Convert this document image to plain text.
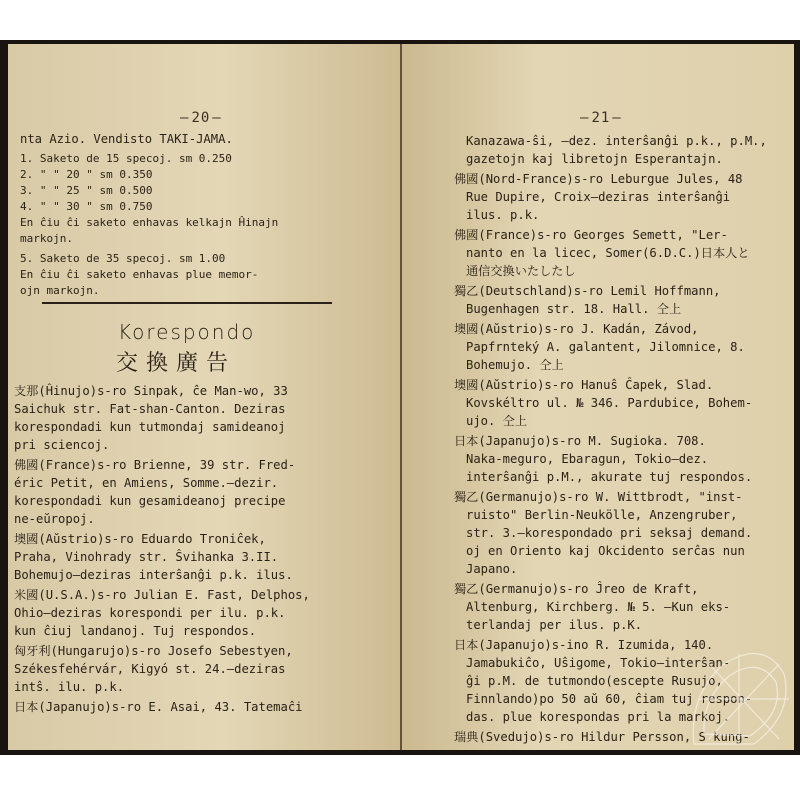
— 20 —
nta Azio. Vendisto TAKI-JAMA.
1. Saketo de 15 specoj. sm 0.250
2. " " 20 " sm 0.350
3. " " 25 " sm 0.500
4. " " 30 " sm 0.750
En ĉiu ĉi saketo enhavas kelkajn Ĥinajn
markojn.
5. Saketo de 35 specoj. sm 1.00
En ĉiu ĉi saketo enhavas plue memor-
ojn markojn.
Korespondo
交換廣告
支那(Ĥinujo)s-ro Sinpak, ĉe Man-wo, 33
Saichuk str. Fat-shan-Canton. Deziras
korespondadi kun tutmondaj samideanoj
pri sciencoj.
佛國(France)s-ro Brienne, 39 str. Fred-
éric Petit, en Amiens, Somme.—dezir.
korespondadi kun gesamideanoj precipe
ne-eŭropoj.
墺國(Aŭstrio)s-ro Eduardo Troniĉek,
Praha, Vinohrady str. Ŝvihanka 3.II.
Bohemujo—deziras interŝanĝi p.k. ilus.
米國(U.S.A.)s-ro Julian E. Fast, Delphos,
Ohio—deziras korespondi per ilu. p.k.
kun ĉiuj landanoj. Tuj respondos.
匈牙利(Hungarujo)s-ro Josefo Sebestyen,
Székesfehérvár, Kigyó st. 24.—deziras
intŝ. ilu. p.k.
日本(Japanujo)s-ro E. Asai, 43. Tatemaĉi
— 21 —
Kanazawa-ŝi, —dez. interŝanĝi p.k., p.M.,
gazetojn kaj libretojn Esperantajn.
佛國(Nord-France)s-ro Leburgue Jules, 48
Rue Dupire, Croix—deziras interŝanĝi
ilus. p.k.
佛國(France)s-ro Georges Semett, "Ler-
nanto en la licec, Somer(6.D.C.)日本人と
通信交換いたしたし
獨乙(Deutschland)s-ro Lemil Hoffmann,
Bugenhagen str. 18. Hall. 仝上
墺國(Aŭstrio)s-ro J. Kadán, Závod,
Papfrnteký A. galantent, Jilomnice, 8.
Bohemujo. 仝上
墺國(Aŭstrio)s-ro Hanuŝ Ĉapek, Slad.
Kovskéltro ul. № 346. Pardubice, Bohem-
ujo. 仝上
日本(Japanujo)s-ro M. Sugioka. 708.
Naka-meguro, Ebaragun, Tokio—dez.
interŝanĝi p.M., akurate tuj respondos.
獨乙(Germanujo)s-ro W. Wittbrodt, "inst-
ruisto" Berlin-Neukölle, Anzengruber,
str. 3.—korespondado pri seksaj demand.
oj en Oriento kaj Okcidento serĉas nun
Japano.
獨乙(Germanujo)s-ro Ĵreo de Kraft,
Altenburg, Kirchberg. № 5. —Kun eks-
terlandaj per ilus. p.K.
日本(Japanujo)s-ino R. Izumida, 140.
Jamabukiĉo, Uŝigome, Tokio—interŝan-
ĝi p.M. de tutmondo(escepte Rusujo,
Finnlando)po 50 aŭ 60, ĉiam tuj respon-
das. plue korespondas pri la markoj.
瑞典(Svedujo)s-ro Hildur Persson, S kung-
